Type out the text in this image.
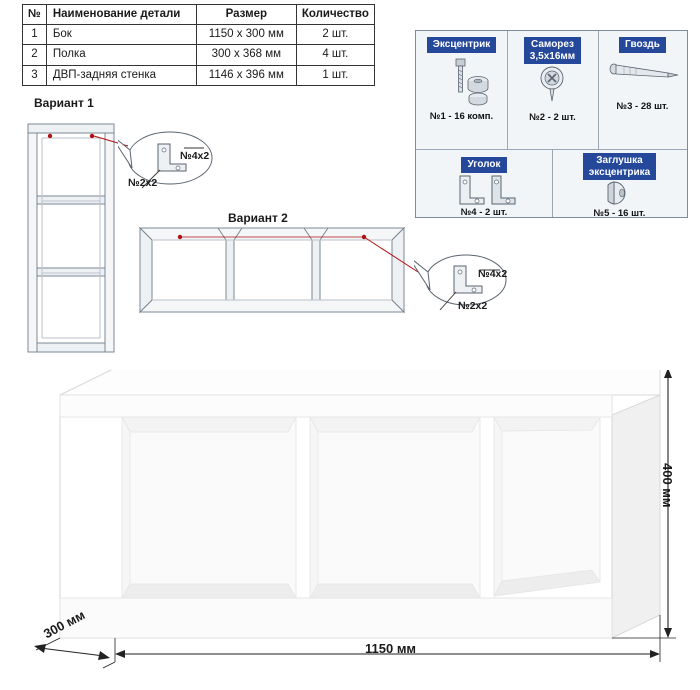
№	Наименование детали	Размер	Количество
1	Бок	1150 x 300 мм	2 шт.
2	Полка	300 x 368 мм	4 шт.
3	ДВП-задняя стенка	1146 x 396 мм	1 шт.
Эксцентрик
№1 - 16 комп.
Саморез
3,5x16мм
№2 - 2 шт.
Гвоздь
№3 - 28 шт.
Уголок
№4 - 2 шт.
Заглушка
эксцентрика
№5 - 16 шт.
Вариант 1
Вариант 2
№4x2
№2x2
№4x2
№2x2
400 мм
1150 мм
300 мм
